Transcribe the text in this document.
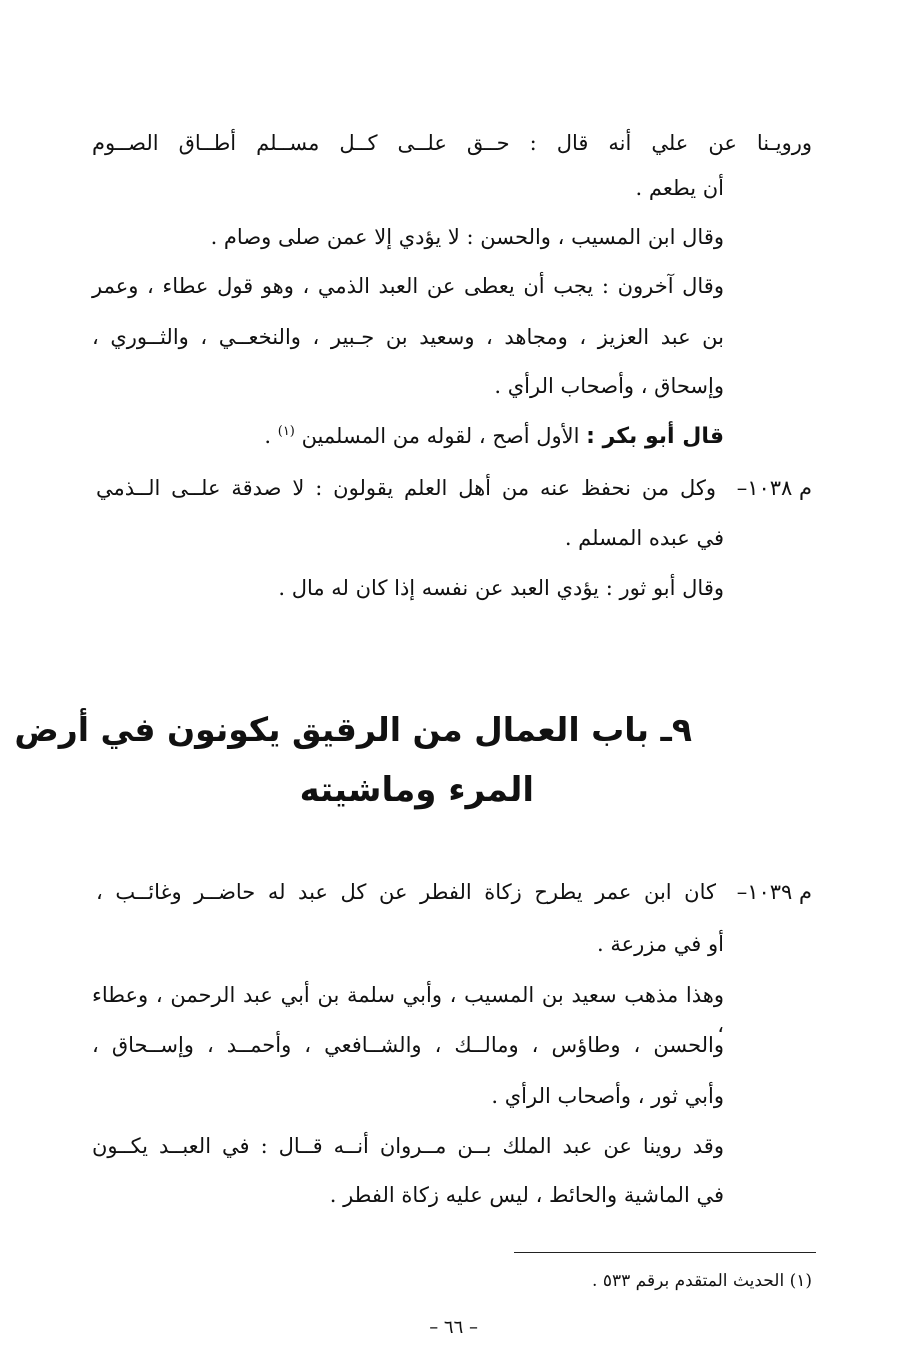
ورويـنا عن علي أنه قال : حــق علــى كــل مســلم أطــاق الصــوم
أن يطعم .
وقال ابن المسيب ، والحسن : لا يؤدي إلا عمن صلى وصام .
وقال آخرون : يجب أن يعطى عن العبد الذمي ، وهو قول عطاء ، وعمر
بن عبد العزيز ، ومجاهد ، وسعيد بن جـبير ، والنخعــي ، والثــوري ،
وإسحاق ، وأصحاب الرأي .
قال أبو بكر : الأول أصح ، لقوله من المسلمين $^{(١)}$ .
م ١٠٣٨–
وكل من نحفظ عنه من أهل العلم يقولون : لا صدقة علــى الــذمي
في عبده المسلم .
وقال أبو ثور : يؤدي العبد عن نفسه إذا كان له مال .
٩ـ باب العمال من الرقيق يكونون في أرض
المرء وماشيته
م ١٠٣٩–
كان ابن عمر يطرح زكاة الفطر عن كل عبد له حاضــر وغائــب ،
أو في مزرعة .
وهذا مذهب سعيد بن المسيب ، وأبي سلمة بن أبي عبد الرحمن ، وعطاء ،
والحسن ، وطاؤس ، ومالــك ، والشــافعي ، وأحمــد ، وإســحاق ،
وأبي ثور ، وأصحاب الرأي .
وقد روينا عن عبد الملك بــن مــروان أنــه قــال : في العبــد يكــون
في الماشية والحائط ، ليس عليه زكاة الفطر .
(١) الحديث المتقدم برقم ٥٣٣ .
– ٦٦ –
